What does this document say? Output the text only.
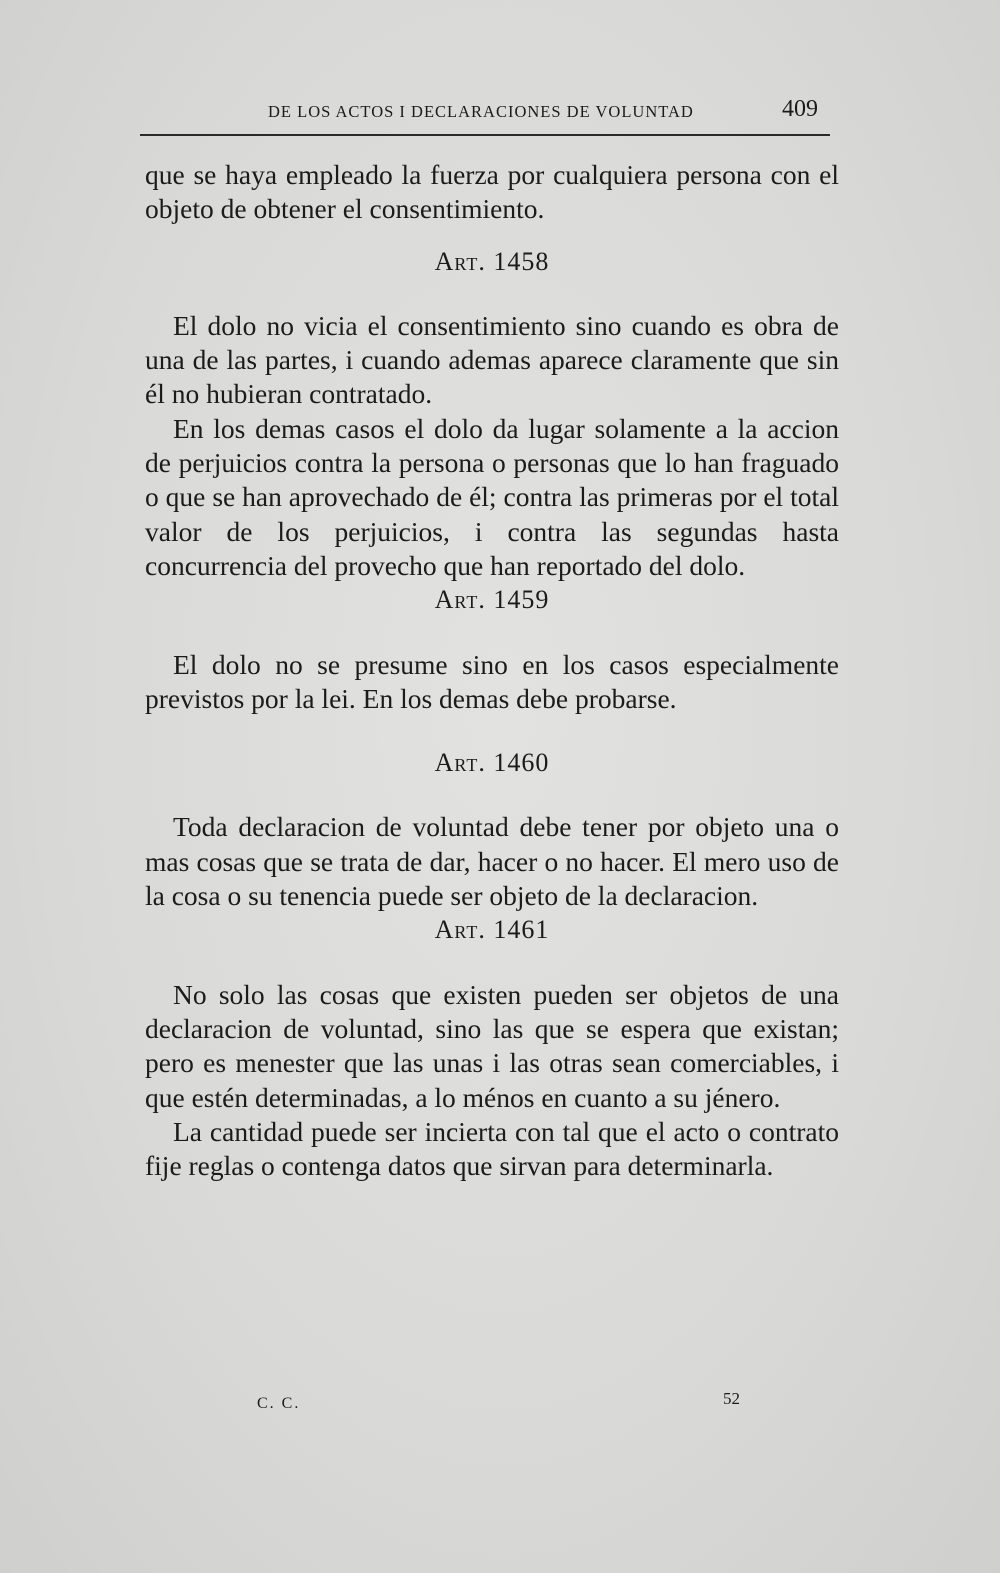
DE LOS ACTOS I DECLARACIONES DE VOLUNTAD	409

que se haya empleado la fuerza por cualquiera persona con el objeto de obtener el consentimiento.

Art. 1458

El dolo no vicia el consentimiento sino cuando es obra de una de las partes, i cuando ademas aparece claramente que sin él no hubieran contratado.

En los demas casos el dolo da lugar solamente a la accion de perjuicios contra la persona o personas que lo han fraguado o que se han aprovechado de él; contra las primeras por el total valor de los perjuicios, i contra las segundas hasta concurrencia del provecho que han reportado del dolo.

Art. 1459

El dolo no se presume sino en los casos especialmente previstos por la lei. En los demas debe probarse.

Art. 1460

Toda declaracion de voluntad debe tener por objeto una o mas cosas que se trata de dar, hacer o no hacer. El mero uso de la cosa o su tenencia puede ser objeto de la declaracion.

Art. 1461

No solo las cosas que existen pueden ser objetos de una declaracion de voluntad, sino las que se espera que existan; pero es menester que las unas i las otras sean comerciables, i que estén determinadas, a lo ménos en cuanto a su jénero.

La cantidad puede ser incierta con tal que el acto o contrato fije reglas o contenga datos que sirvan para determinarla.

C. C.	52
